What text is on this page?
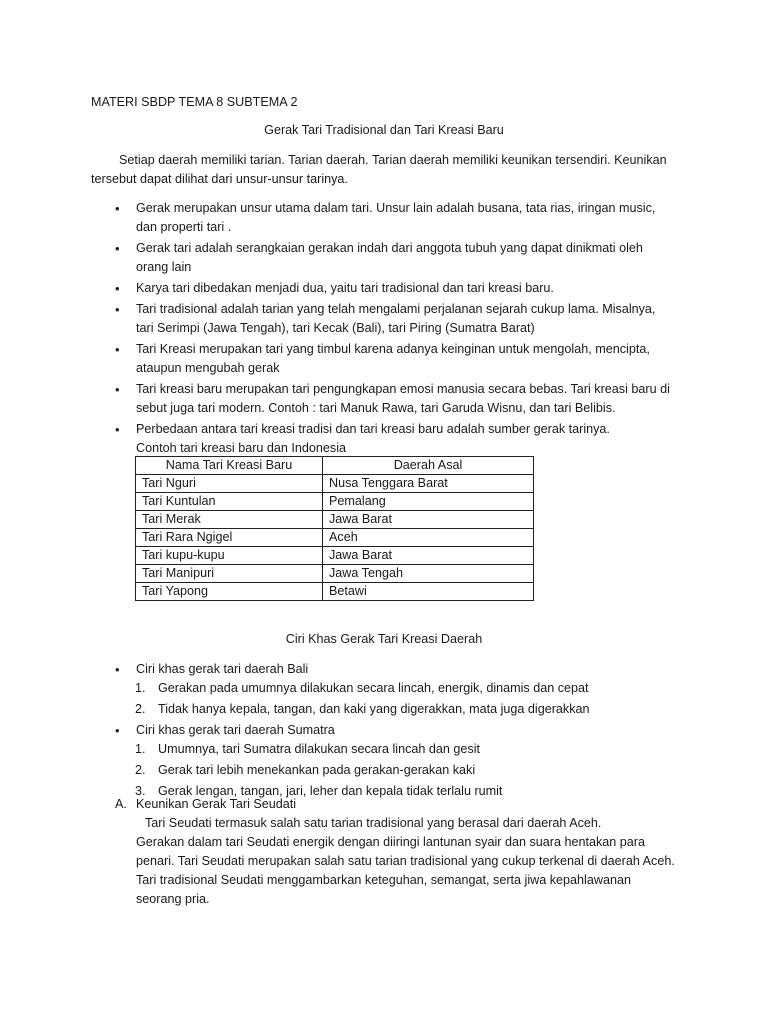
MATERI SBDP TEMA 8 SUBTEMA 2
Gerak Tari Tradisional dan Tari Kreasi Baru

Setiap daerah memiliki tarian. Tarian daerah. Tarian daerah memiliki keunikan tersendiri. Keunikan

tersebut dapat dilihat dari unsur-unsur tarinya.

• Gerak merupakan unsur utama dalam tari. Unsur lain adalah busana, tata rias, iringan music,
dan properti tari .
• Gerak tari adalah serangkaian gerakan indah dari anggota tubuh yang dapat dinikmati oleh
orang lain
• Karya tari dibedakan menjadi dua, yaitu tari tradisional dan tari kreasi baru.
• Tari tradisional adalah tarian yang telah mengalami perjalanan sejarah cukup lama. Misalnya,
tari Serimpi (Jawa Tengah), tari Kecak (Bali), tari Piring (Sumatra Barat)
• Tari Kreasi merupakan tari yang timbul karena adanya keinginan untuk mengolah, mencipta,
ataupun mengubah gerak
• Tari kreasi baru merupakan tari pengungkapan emosi manusia secara bebas. Tari kreasi baru di
sebut juga tari modern. Contoh : tari Manuk Rawa, tari Garuda Wisnu, dan tari Belibis.
• Perbedaan antara tari kreasi tradisi dan tari kreasi baru adalah sumber gerak tarinya.
Contoh tari kreasi baru dan Indonesia
Nama Tari Kreasi Baru	Daerah Asal
Tari Nguri	Nusa Tenggara Barat
Tari Kuntulan	Pemalang
Tari Merak	Jawa Barat
Tari Rara Ngigel	Aceh
Tari kupu-kupu	Jawa Barat
Tari Manipuri	Jawa Tengah
Tari Yapong	Betawi
Ciri Khas Gerak Tari Kreasi Daerah
• Ciri khas gerak tari daerah Bali
1. Gerakan pada umumnya dilakukan secara lincah, energik, dinamis dan cepat
2. Tidak hanya kepala, tangan, dan kaki yang digerakkan, mata juga digerakkan
• Ciri khas gerak tari daerah Sumatra
1. Umumnya, tari Sumatra dilakukan secara lincah dan gesit
2. Gerak tari lebih menekankan pada gerakan-gerakan kaki
3. Gerak lengan, tangan, jari, leher dan kepala tidak terlalu rumit
A. Keunikan Gerak Tari Seudati
Tari Seudati termasuk salah satu tarian tradisional yang berasal dari daerah Aceh.
Gerakan dalam tari Seudati energik dengan diiringi lantunan syair dan suara hentakan para
penari. Tari Seudati merupakan salah satu tarian tradisional yang cukup terkenal di daerah Aceh.
Tari tradisional Seudati menggambarkan keteguhan, semangat, serta jiwa kepahlawanan
seorang pria.
